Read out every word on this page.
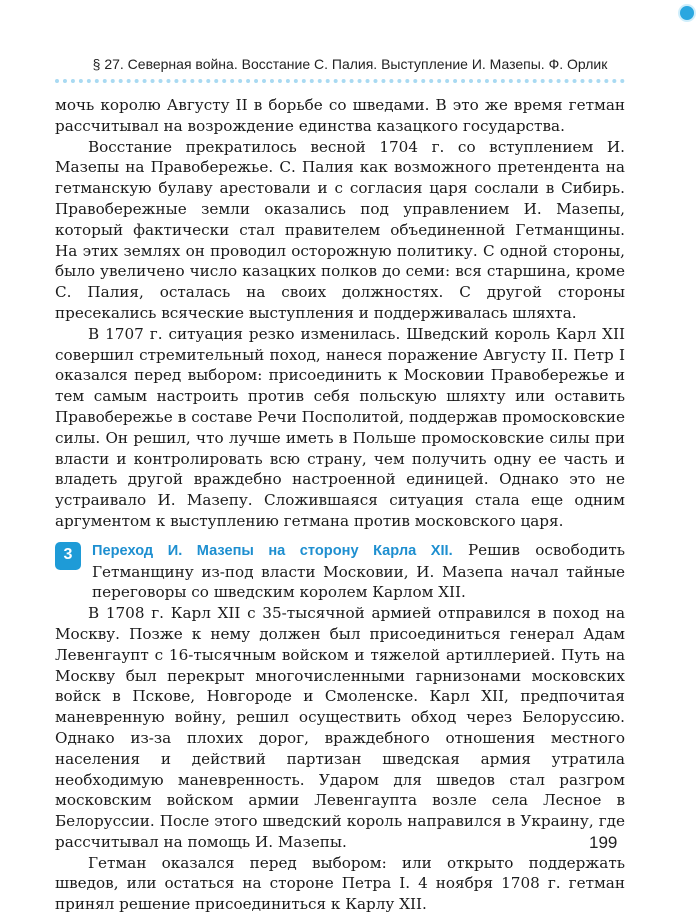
§ 27. Северная война. Восстание С. Палия. Выступление И. Мазепы. Ф. Орлик

мочь королю Августу II в борьбе со шведами. В это же время гетман рассчитывал на возрождение единства казацкого государства.

Восстание прекратилось весной 1704 г. со вступлением И. Мазепы на Правобережье. С. Палия как возможного претендента на гетманскую булаву арестовали и с согласия царя сослали в Сибирь. Правобережные земли оказались под управлением И. Мазепы, который фактически стал правителем объединенной Гетманщины. На этих землях он проводил осторожную политику. С одной стороны, было увеличено число казацких полков до семи: вся старшина, кроме С. Палия, осталась на своих должностях. С другой стороны пресекались всяческие выступления и поддерживалась шляхта.

В 1707 г. ситуация резко изменилась. Шведский король Карл XII совершил стремительный поход, нанеся поражение Августу II. Петр I оказался перед выбором: присоединить к Московии Правобережье и тем самым настроить против себя польскую шляхту или оставить Правобережье в составе Речи Посполитой, поддержав промосковские силы. Он решил, что лучше иметь в Польше промосковские силы при власти и контролировать всю страну, чем получить одну ее часть и владеть другой враждебно настроенной единицей. Однако это не устраивало И. Мазепу. Сложившаяся ситуация стала еще одним аргументом к выступлению гетмана против московского царя.

3	Переход И. Мазепы на сторону Карла XII. Решив освободить Гетманщину из-под власти Московии, И. Мазепа начал тайные переговоры со шведским королем Карлом XII.

В 1708 г. Карл XII с 35-тысячной армией отправился в поход на Москву. Позже к нему должен был присоединиться генерал Адам Левенгаупт с 16-тысячным войском и тяжелой артиллерией. Путь на Москву был перекрыт многочисленными гарнизонами московских войск в Пскове, Новгороде и Смоленске. Карл XII, предпочитая маневренную войну, решил осуществить обход через Белоруссию. Однако из-за плохих дорог, враждебного отношения местного населения и действий партизан шведская армия утратила необходимую маневренность. Ударом для шведов стал разгром московским войском армии Левенгаупта возле села Лесное в Белоруссии. После этого шведский король направился в Украину, где рассчитывал на помощь И. Мазепы.

Гетман оказался перед выбором: или открыто поддержать шведов, или остаться на стороне Петра I. 4 ноября 1708 г. гетман принял решение присоединиться к Карлу XII.

199
